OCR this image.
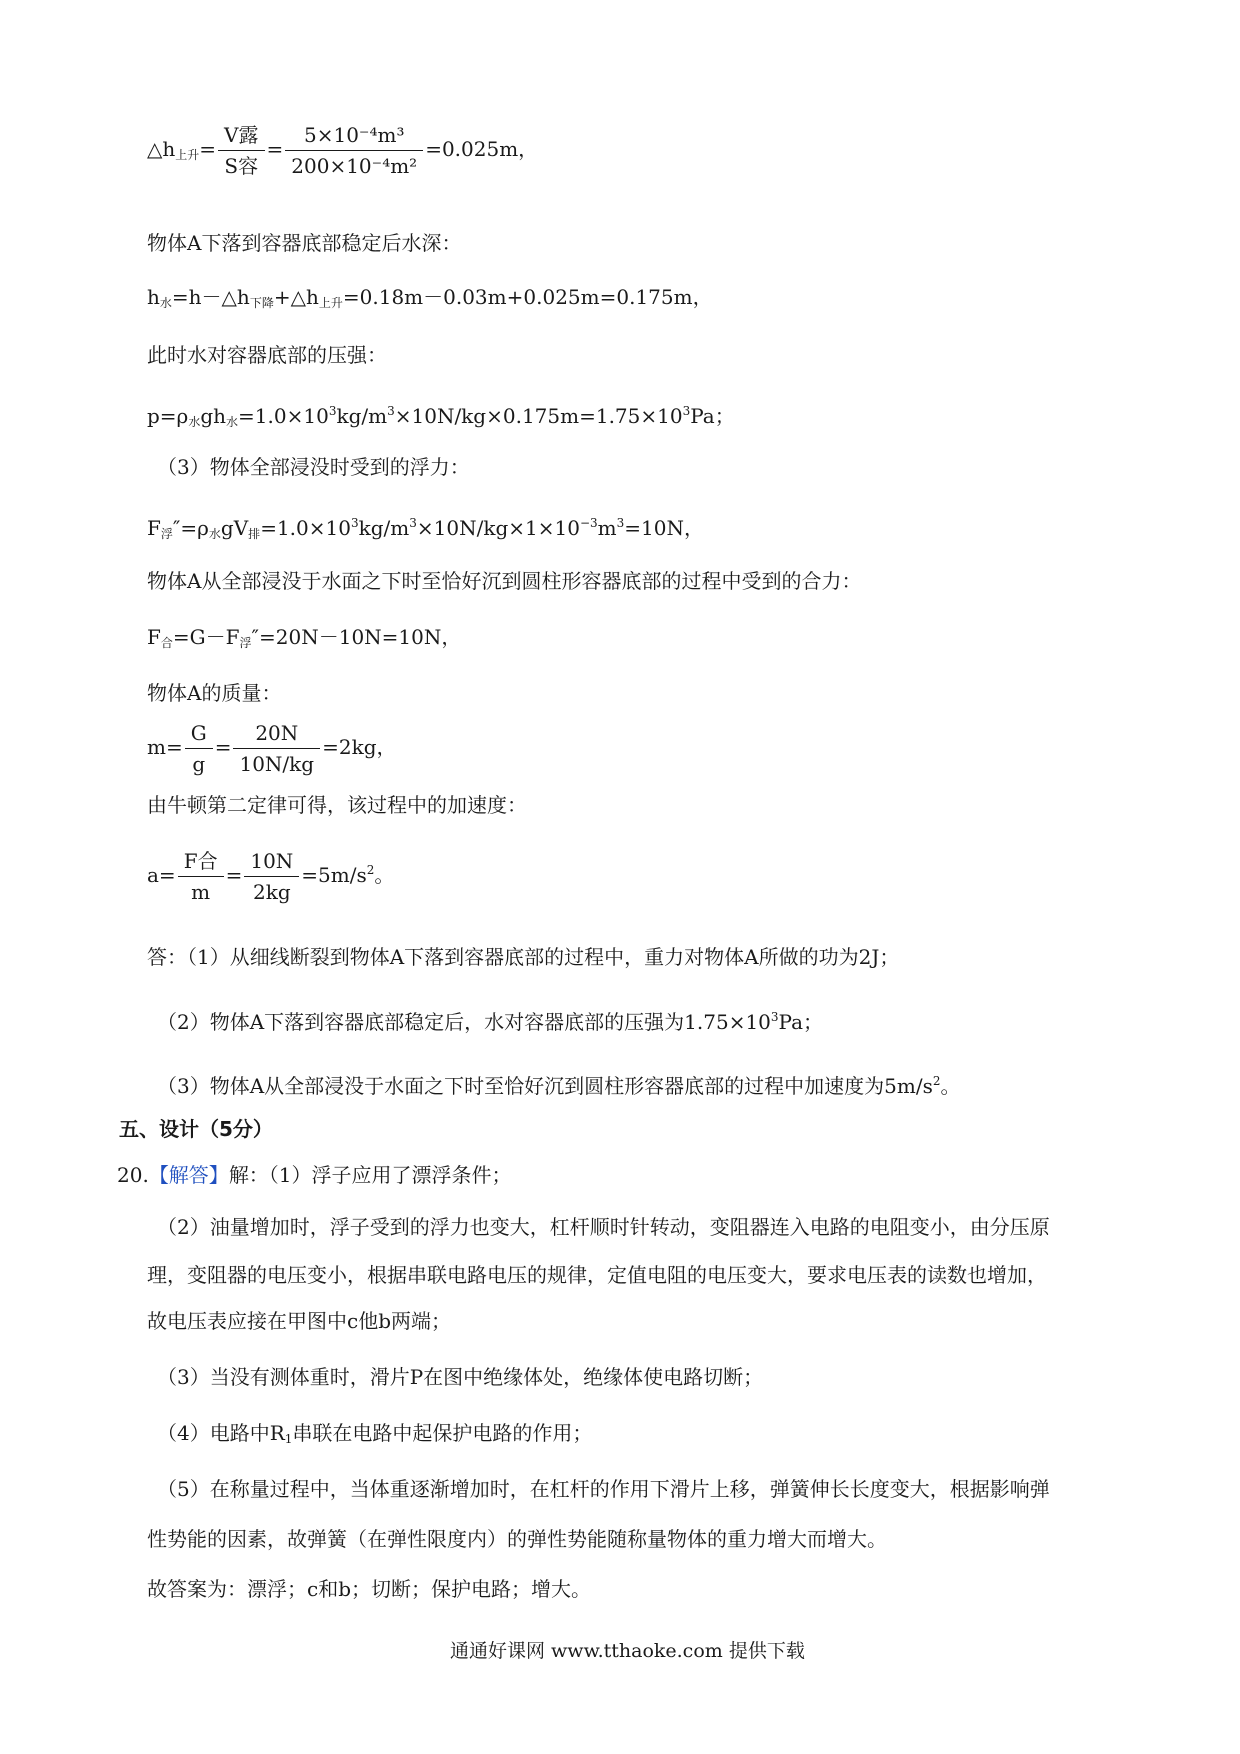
$\triangle h_{上升}= \frac{\text{V露}}{\text{S容}} = \frac{\text{5×10⁻⁴m³}}{\text{200×10⁻⁴m²}} =0.025m$，
物体A下落到容器底部稳定后水深：
$h_水=h-\triangle h_{下降}+\triangle h_{上升}=0.18m-0.03m+0.025m=0.175m$，
此时水对容器底部的压强：
$p=\rho_水gh_水=1.0\times 10^3kg/m^3\times 10N/kg\times 0.175m=1.75\times 10^3Pa$；
（3）物体全部浸没时受到的浮力：
$F_浮''=\rho_水gV_排=1.0\times 10^3kg/m^3\times 10N/kg\times 1\times 10^{-3}m^3=10N$，
物体A从全部浸没于水面之下时至恰好沉到圆柱形容器底部的过程中受到的合力：
$F_合=G-F_浮''=20N-10N=10N$，
物体A的质量：
$m= \frac{G}{g} = \frac{20N}{10N/kg} =2kg$，
由牛顿第二定律可得，该过程中的加速度：
$a= \frac{\text{F合}}{m} = \frac{10N}{2kg} =5m/s^2$。
答：（1）从细线断裂到物体A下落到容器底部的过程中，重力对物体A所做的功为2J；
（2）物体A下落到容器底部稳定后，水对容器底部的压强为$1.75\times 10^3Pa$；
（3）物体A从全部浸没于水面之下时至恰好沉到圆柱形容器底部的过程中加速度为$5m/s^2$。
五、设计（5分）
20.【解答】解：（1）浮子应用了漂浮条件；
（2）油量增加时，浮子受到的浮力也变大，杠杆顺时针转动，变阻器连入电路的电阻变小，由分压原
理，变阻器的电压变小，根据串联电路电压的规律，定值电阻的电压变大，要求电压表的读数也增加，
故电压表应接在甲图中c他b两端；
（3）当没有测体重时，滑片P在图中绝缘体处，绝缘体使电路切断；
（4）电路中$R_1$串联在电路中起保护电路的作用；
（5）在称量过程中，当体重逐渐增加时，在杠杆的作用下滑片上移，弹簧伸长长度变大，根据影响弹
性势能的因素，故弹簧（在弹性限度内）的弹性势能随称量物体的重力增大而增大。
故答案为：漂浮；c和b；切断；保护电路；增大。
通通好课网 www.tthaoke.com 提供下载
